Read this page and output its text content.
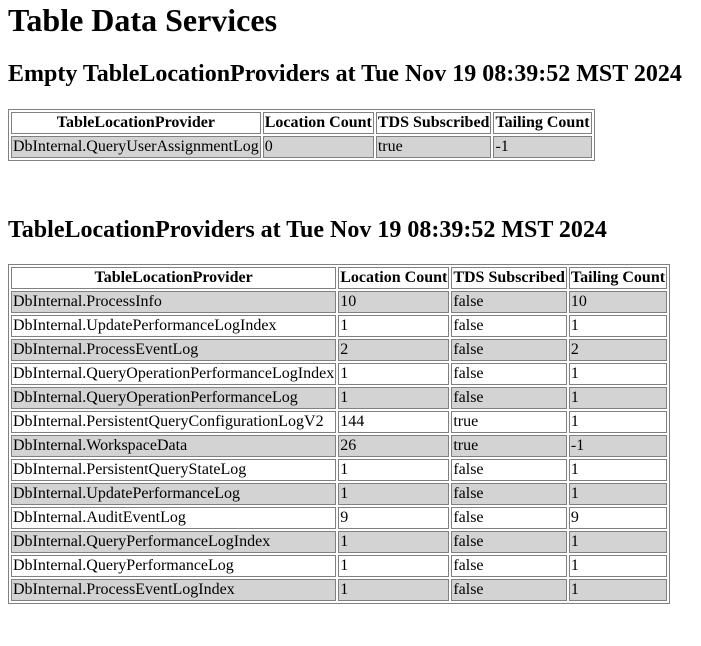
Table Data Services
Empty TableLocationProviders at Tue Nov 19 08:39:52 MST 2024
TableLocationProvider	Location Count	TDS Subscribed	Tailing Count
DbInternal.QueryUserAssignmentLog	0	true	-1
TableLocationProviders at Tue Nov 19 08:39:52 MST 2024
TableLocationProvider	Location Count	TDS Subscribed	Tailing Count
DbInternal.ProcessInfo	10	false	10
DbInternal.UpdatePerformanceLogIndex	1	false	1
DbInternal.ProcessEventLog	2	false	2
DbInternal.QueryOperationPerformanceLogIndex	1	false	1
DbInternal.QueryOperationPerformanceLog	1	false	1
DbInternal.PersistentQueryConfigurationLogV2	144	true	1
DbInternal.WorkspaceData	26	true	-1
DbInternal.PersistentQueryStateLog	1	false	1
DbInternal.UpdatePerformanceLog	1	false	1
DbInternal.AuditEventLog	9	false	9
DbInternal.QueryPerformanceLogIndex	1	false	1
DbInternal.QueryPerformanceLog	1	false	1
DbInternal.ProcessEventLogIndex	1	false	1
